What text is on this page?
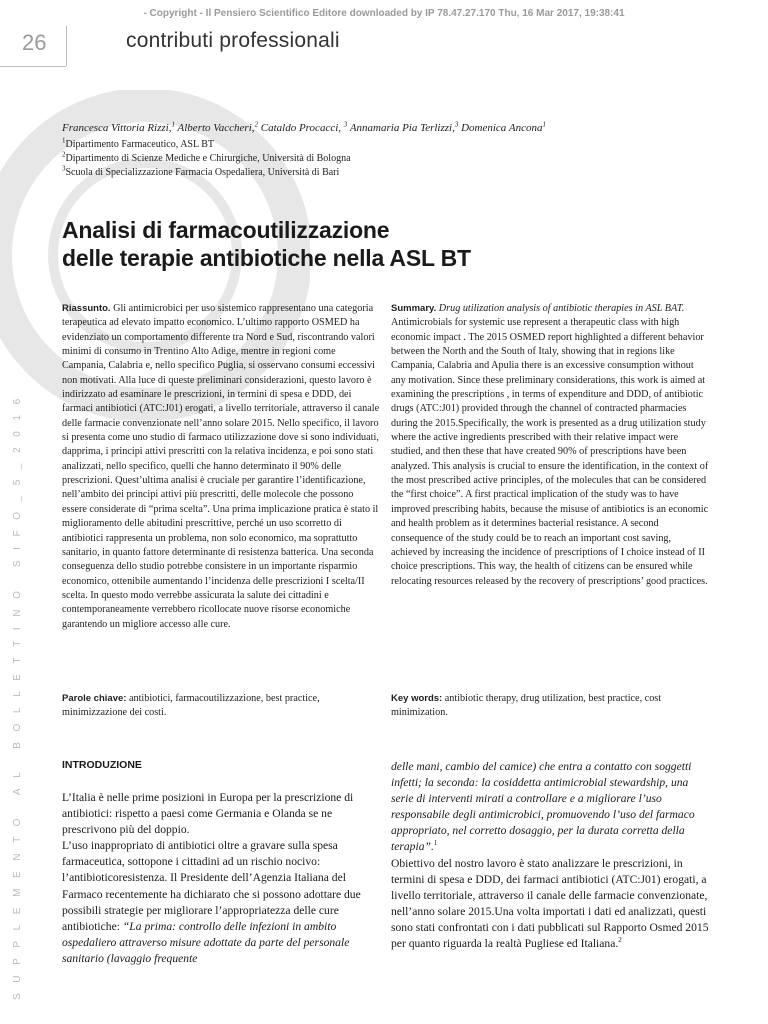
- Copyright - Il Pensiero Scientifico Editore downloaded by IP 78.47.27.170 Thu, 16 Mar 2017, 19:38:41
26	contributi professionali
Francesca Vittoria Rizzi,$^1$ Alberto Vaccheri,$^2$ Cataldo Procacci, $^3$ Annamaria Pia Terlizzi,$^3$ Domenica Ancona$^1$
$^1$Dipartimento Farmaceutico, ASL BT
$^2$Dipartimento di Scienze Mediche e Chirurgiche, Università di Bologna
$^3$Scuola di Specializzazione Farmacia Ospedaliera, Università di Bari
Analisi di farmacoutilizzazione
delle terapie antibiotiche nella ASL BT
Riassunto. Gli antimicrobici per uso sistemico rappresentano una categoria terapeutica ad elevato impatto economico. L’ultimo rapporto OSMED ha evidenziato un comportamento differente tra Nord e Sud, riscontrando valori minimi di consumo in Trentino Alto Adige, mentre in regioni come Campania, Calabria e, nello specifico Puglia, si osservano consumi eccessivi non motivati. Alla luce di queste preliminari considerazioni, questo lavoro è indirizzato ad esaminare le prescrizioni, in termini di spesa e DDD, dei farmaci antibiotici (ATC:J01) erogati, a livello territoriale, attraverso il canale delle farmacie convenzionate nell’anno solare 2015. Nello specifico, il lavoro si presenta come uno studio di farmaco utilizzazione dove si sono individuati, dapprima, i principi attivi prescritti con la relativa incidenza, e poi sono stati analizzati, nello specifico, quelli che hanno determinato il 90% delle prescrizioni. Quest’ultima analisi è cruciale per garantire l’identificazione, nell’ambito dei principi attivi più prescritti, delle molecole che possono essere considerate di “prima scelta”. Una prima implicazione pratica è stato il miglioramento delle abitudini prescrittive, perché un uso scorretto di antibiotici rappresenta un problema, non solo economico, ma soprattutto sanitario, in quanto fattore determinante di resistenza batterica. Una seconda conseguenza dello studio potrebbe consistere in un importante risparmio economico, ottenibile aumentando l’incidenza delle prescrizioni I scelta/II scelta. In questo modo verrebbe assicurata la salute dei cittadini e contemporaneamente verrebbero ricollocate nuove risorse economiche garantendo un migliore accesso alle cure.
Summary. Drug utilization analysis of antibiotic therapies in ASL BAT.
Antimicrobials for systemic use represent a therapeutic class with high economic impact . The 2015 OSMED report highlighted a different behavior between the North and the South of Italy, showing that in regions like Campania, Calabria and Apulia there is an excessive consumption without any motivation. Since these preliminary considerations, this work is aimed at examining the prescriptions , in terms of expenditure and DDD, of antibiotic drugs (ATC:J01) provided through the channel of contracted pharmacies during the 2015.Specifically, the work is presented as a drug utilization study where the active ingredients prescribed with their relative impact were studied, and then these that have created 90% of prescriptions have been analyzed. This analysis is crucial to ensure the identification, in the context of the most prescribed active principles, of the molecules that can be considered the “first choice”. A first practical implication of the study was to have improved prescribing habits, because the misuse of antibiotics is an economic and health problem as it determines bacterial resistance. A second consequence of the study could be to reach an important cost saving, achieved by increasing the incidence of prescriptions of I choice instead of II choice prescriptions. This way, the health of citizens can be ensured while relocating resources released by the recovery of prescriptions’ good practices.
Parole chiave: antibiotici, farmacoutilizzazione, best practice, minimizzazione dei costi.
Key words: antibiotic therapy, drug utilization, best practice, cost minimization.
INTRODUZIONE
L’Italia è nelle prime posizioni in Europa per la prescrizione di antibiotici: rispetto a paesi come Germania e Olanda se ne prescrivono più del doppio.
L’uso inappropriato di antibiotici oltre a gravare sulla spesa farmaceutica, sottopone i cittadini ad un rischio nocivo: l’antibioticoresistenza. Il Presidente dell’Agenzia Italiana del Farmaco recentemente ha dichiarato che si possono adottare due possibili strategie per migliorare l’appropriatezza delle cure antibiotiche: “La prima: controllo delle infezioni in ambito ospedaliero attraverso misure adottate da parte del personale sanitario (lavaggio frequente
delle mani, cambio del camice) che entra a contatto con soggetti infetti; la seconda: la cosiddetta antimicrobial stewardship, una serie di interventi mirati a controllare e a migliorare l’uso responsabile degli antimicrobici, promuovendo l’uso del farmaco appropriato, nel corretto dosaggio, per la durata corretta della terapia”.$^1$
Obiettivo del nostro lavoro è stato analizzare le prescrizioni, in termini di spesa e DDD, dei farmaci antibiotici (ATC:J01) erogati, a livello territoriale, attraverso il canale delle farmacie convenzionate, nell’anno solare 2015.Una volta importati i dati ed analizzati, questi sono stati confrontati con i dati pubblicati sul Rapporto Osmed 2015 per quanto riguarda la realtà Pugliese ed Italiana.$^2$
SUPPLEMENTO AL BOLLETTINO SIFO_5_2016
